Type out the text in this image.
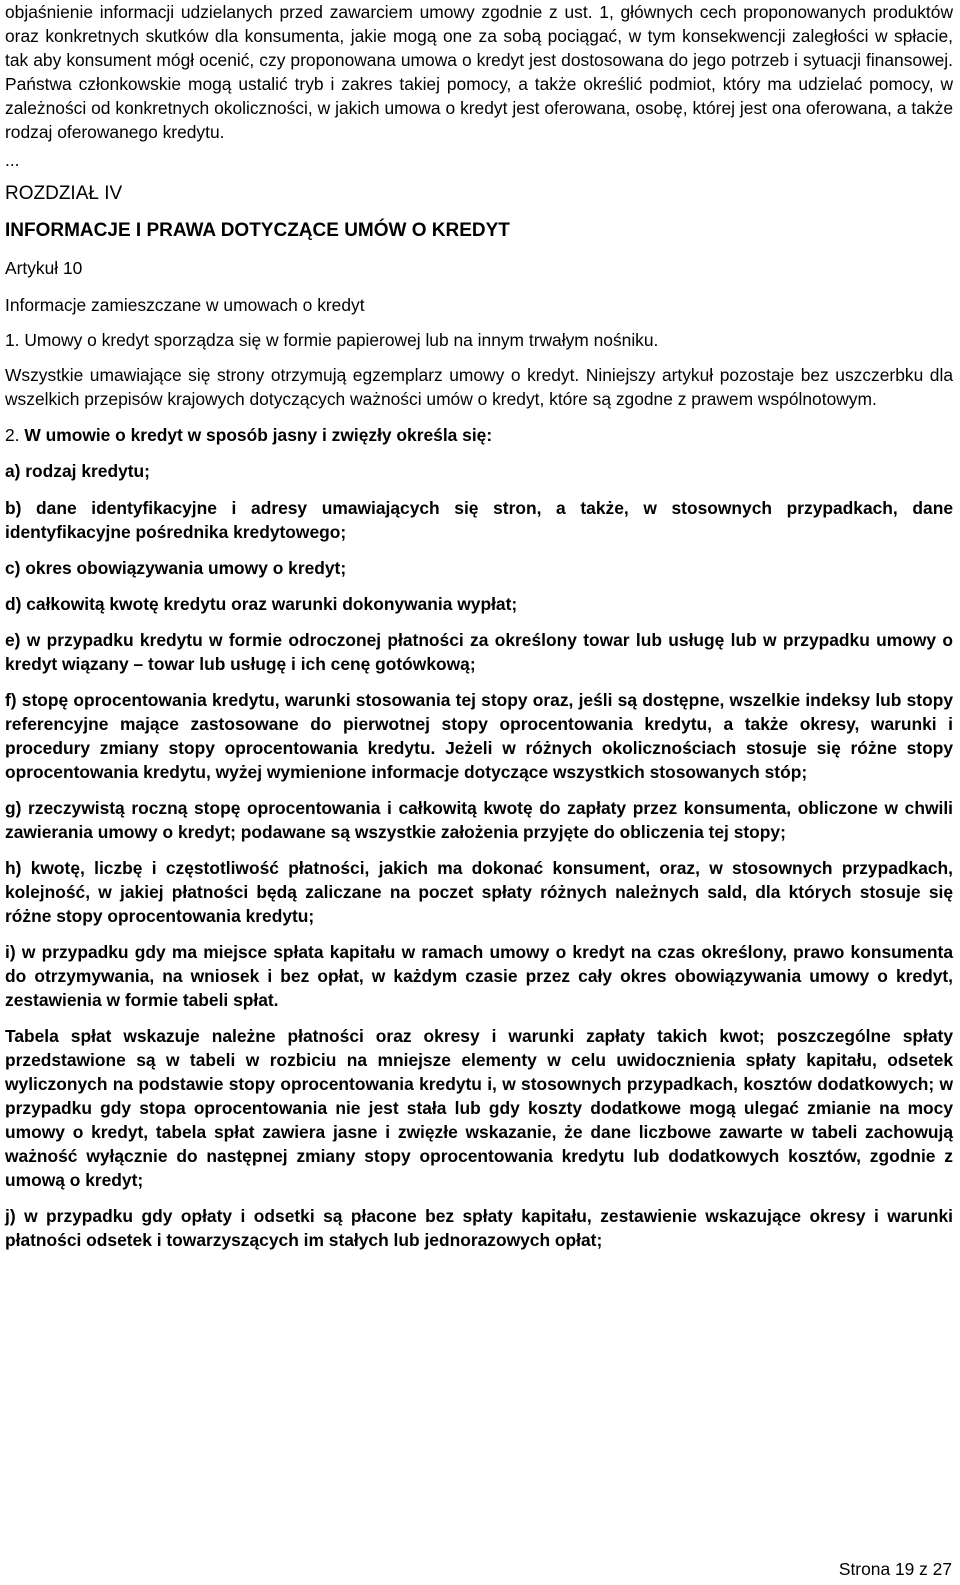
objaśnienie informacji udzielanych przed zawarciem umowy zgodnie z ust. 1, głównych cech proponowanych produktów oraz konkretnych skutków dla konsumenta, jakie mogą one za sobą pociągać, w tym konsekwencji zaległości w spłacie, tak aby konsument mógł ocenić, czy proponowana umowa o kredyt jest dostosowana do jego potrzeb i sytuacji finansowej. Państwa członkowskie mogą ustalić tryb i zakres takiej pomocy, a także określić podmiot, który ma udzielać pomocy, w zależności od konkretnych okoliczności, w jakich umowa o kredyt jest oferowana, osobę, której jest ona oferowana, a także rodzaj oferowanego kredytu.

...

ROZDZIAŁ IV

INFORMACJE I PRAWA DOTYCZĄCE UMÓW O KREDYT

Artykuł 10

Informacje zamieszczane w umowach o kredyt

1. Umowy o kredyt sporządza się w formie papierowej lub na innym trwałym nośniku.

Wszystkie umawiające się strony otrzymują egzemplarz umowy o kredyt. Niniejszy artykuł pozostaje bez uszczerbku dla wszelkich przepisów krajowych dotyczących ważności umów o kredyt, które są zgodne z prawem wspólnotowym.

2. W umowie o kredyt w sposób jasny i zwięzły określa się:

a) rodzaj kredytu;

b) dane identyfikacyjne i adresy umawiających się stron, a także, w stosownych przypadkach, dane identyfikacyjne pośrednika kredytowego;

c) okres obowiązywania umowy o kredyt;

d) całkowitą kwotę kredytu oraz warunki dokonywania wypłat;

e) w przypadku kredytu w formie odroczonej płatności za określony towar lub usługę lub w przypadku umowy o kredyt wiązany – towar lub usługę i ich cenę gotówkową;

f) stopę oprocentowania kredytu, warunki stosowania tej stopy oraz, jeśli są dostępne, wszelkie indeksy lub stopy referencyjne mające zastosowane do pierwotnej stopy oprocentowania kredytu, a także okresy, warunki i procedury zmiany stopy oprocentowania kredytu. Jeżeli w różnych okolicznościach stosuje się różne stopy oprocentowania kredytu, wyżej wymienione informacje dotyczące wszystkich stosowanych stóp;

g) rzeczywistą roczną stopę oprocentowania i całkowitą kwotę do zapłaty przez konsumenta, obliczone w chwili zawierania umowy o kredyt; podawane są wszystkie założenia przyjęte do obliczenia tej stopy;

h) kwotę, liczbę i częstotliwość płatności, jakich ma dokonać konsument, oraz, w stosownych przypadkach, kolejność, w jakiej płatności będą zaliczane na poczet spłaty różnych należnych sald, dla których stosuje się różne stopy oprocentowania kredytu;

i) w przypadku gdy ma miejsce spłata kapitału w ramach umowy o kredyt na czas określony, prawo konsumenta do otrzymywania, na wniosek i bez opłat, w każdym czasie przez cały okres obowiązywania umowy o kredyt, zestawienia w formie tabeli spłat.

Tabela spłat wskazuje należne płatności oraz okresy i warunki zapłaty takich kwot; poszczególne spłaty przedstawione są w tabeli w rozbiciu na mniejsze elementy w celu uwidocznienia spłaty kapitału, odsetek wyliczonych na podstawie stopy oprocentowania kredytu i, w stosownych przypadkach, kosztów dodatkowych; w przypadku gdy stopa oprocentowania nie jest stała lub gdy koszty dodatkowe mogą ulegać zmianie na mocy umowy o kredyt, tabela spłat zawiera jasne i zwięzłe wskazanie, że dane liczbowe zawarte w tabeli zachowują ważność wyłącznie do następnej zmiany stopy oprocentowania kredytu lub dodatkowych kosztów, zgodnie z umową o kredyt;

j) w przypadku gdy opłaty i odsetki są płacone bez spłaty kapitału, zestawienie wskazujące okresy i warunki płatności odsetek i towarzyszących im stałych lub jednorazowych opłat;

Strona 19 z 27
